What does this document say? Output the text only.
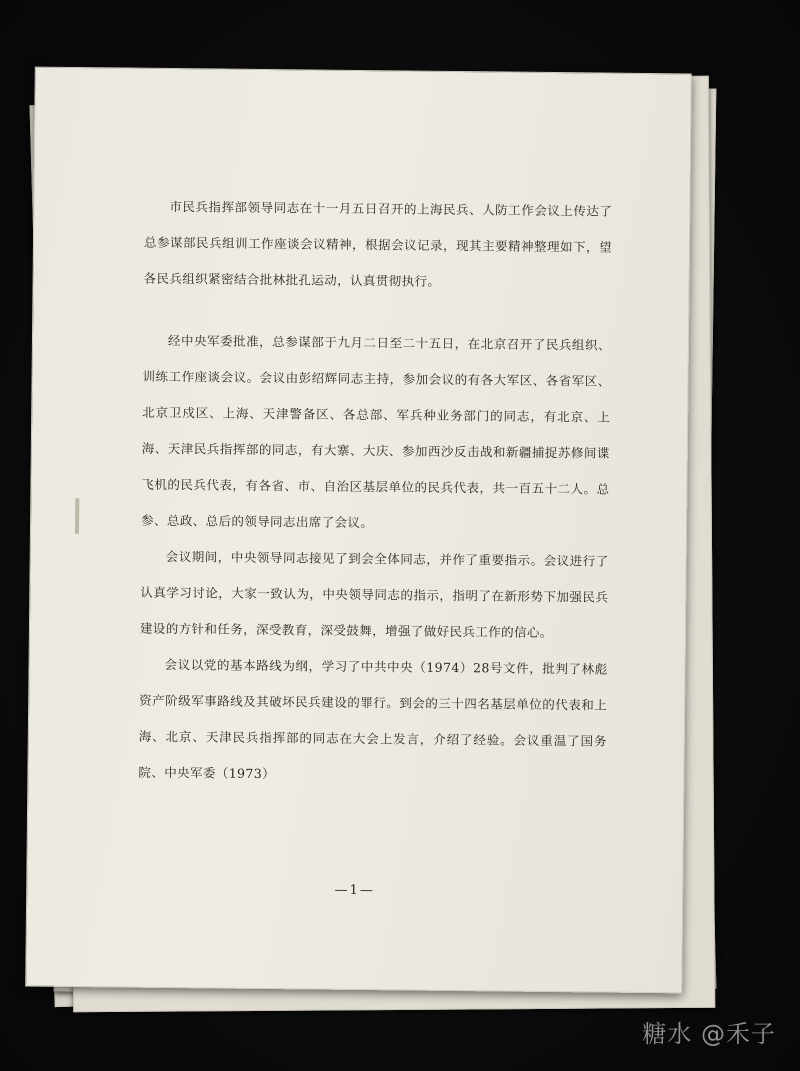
市民兵指挥部领导同志在十一月五日召开的上海民兵、人防工作会议上传达了总参谋部民兵组训工作座谈会议精神，根据会议记录，现其主要精神整理如下，望各民兵组织紧密结合批林批孔运动，认真贯彻执行。

经中央军委批准，总参谋部于九月二日至二十五日，在北京召开了民兵组织、训练工作座谈会议。会议由彭绍辉同志主持，参加会议的有各大军区、各省军区、北京卫戍区、上海、天津警备区、各总部、军兵种业务部门的同志，有北京、上海、天津民兵指挥部的同志，有大寨、大庆、参加西沙反击战和新疆捕捉苏修间谍飞机的民兵代表，有各省、市、自治区基层单位的民兵代表，共一百五十二人。总参、总政、总后的领导同志出席了会议。

会议期间，中央领导同志接见了到会全体同志，并作了重要指示。会议进行了认真学习讨论，大家一致认为，中央领导同志的指示，指明了在新形势下加强民兵建设的方针和任务，深受教育，深受鼓舞，增强了做好民兵工作的信心。

会议以党的基本路线为纲，学习了中共中央（1974）28号文件，批判了林彪资产阶级军事路线及其破坏民兵建设的罪行。到会的三十四名基层单位的代表和上海、北京、天津民兵指挥部的同志在大会上发言，介绍了经验。会议重温了国务院、中央军委（1973）

—1—
糖水 @禾子
